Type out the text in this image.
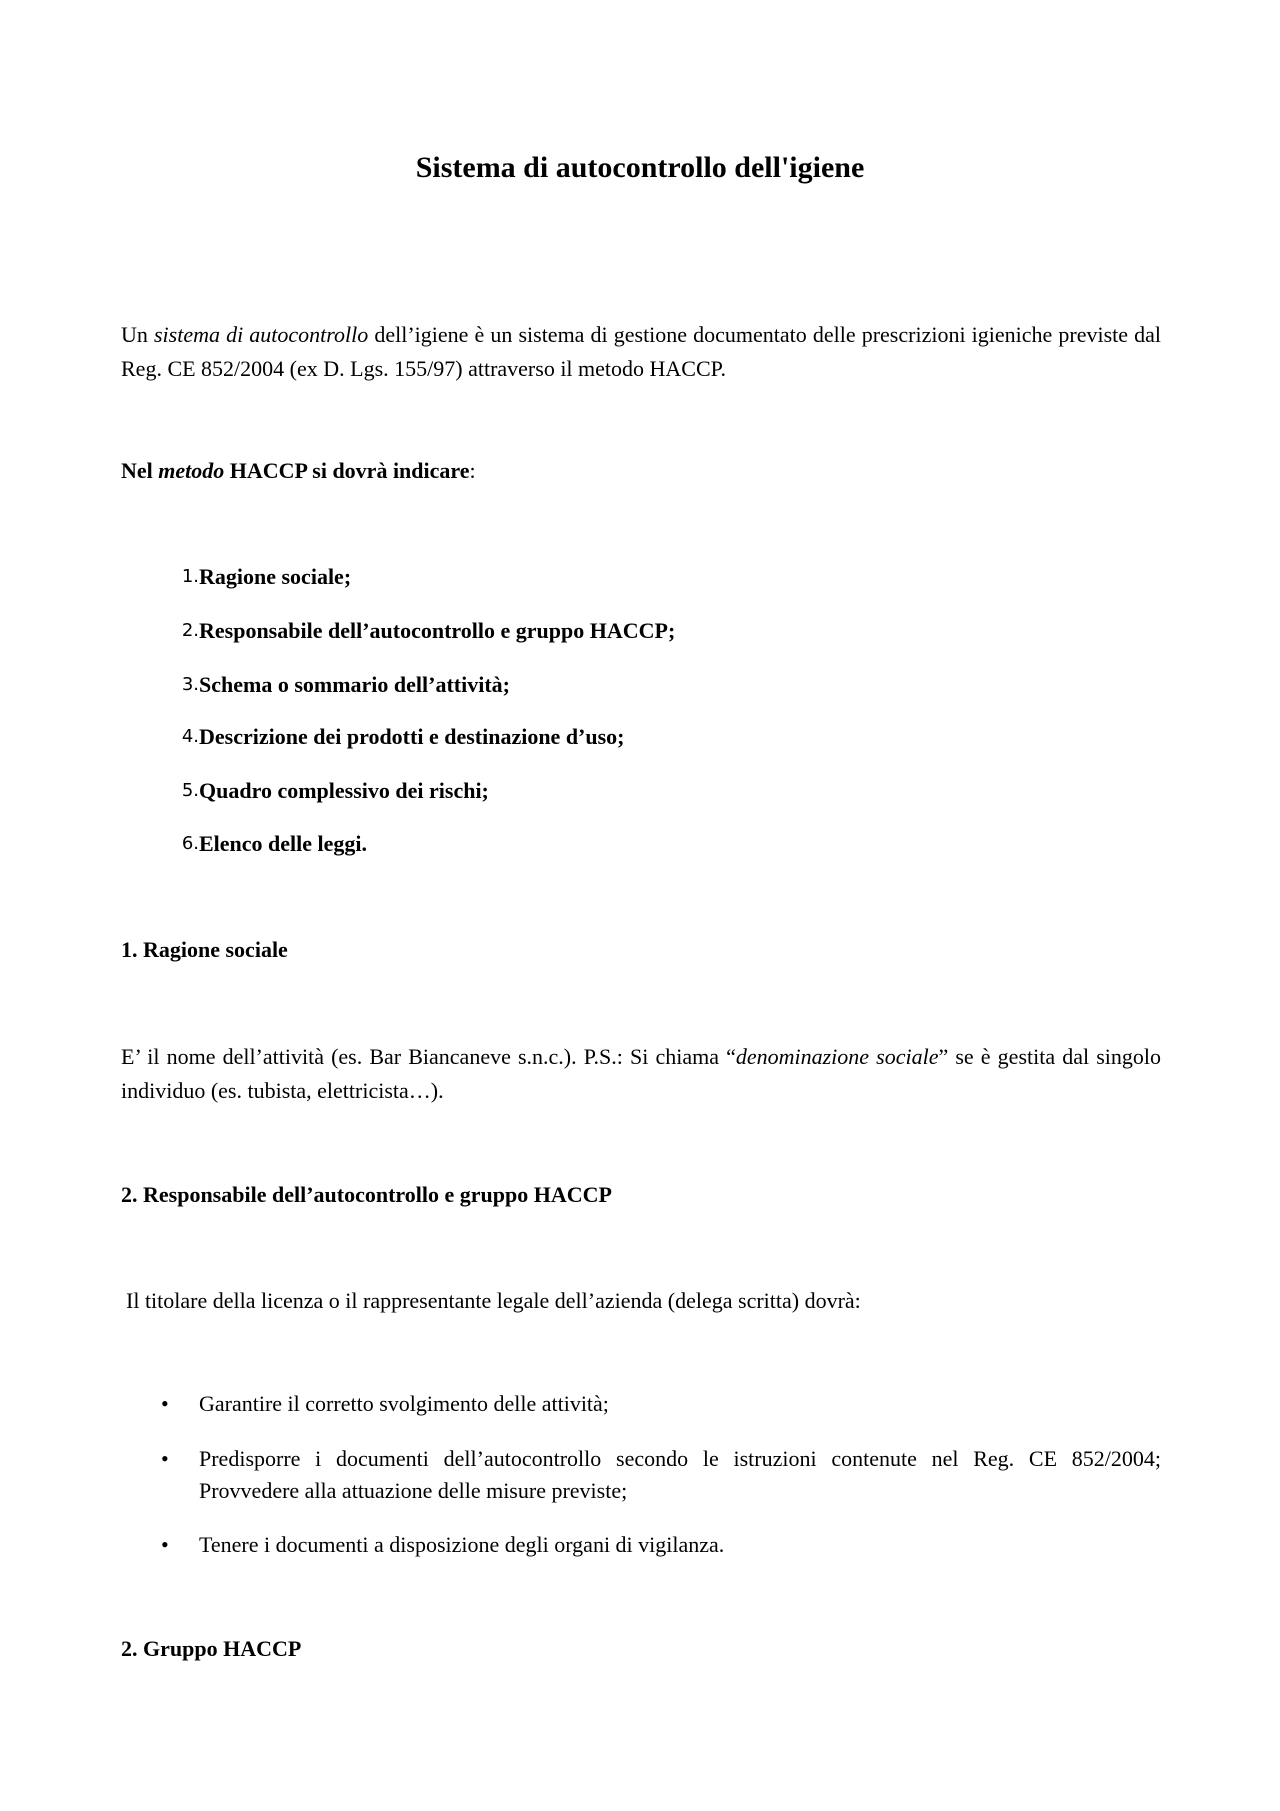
Sistema di autocontrollo dell'igiene
Un sistema di autocontrollo dell’igiene è un sistema di gestione documentato delle prescrizioni igieniche previste dal Reg. CE 852/2004 (ex D. Lgs. 155/97) attraverso il metodo HACCP.
Nel metodo HACCP si dovrà indicare:
1. Ragione sociale;
2. Responsabile dell’autocontrollo e gruppo HACCP;
3. Schema o sommario dell’attività;
4. Descrizione dei prodotti e destinazione d’uso;
5. Quadro complessivo dei rischi;
6. Elenco delle leggi.
1. Ragione sociale
E’ il nome dell’attività (es. Bar Biancaneve s.n.c.). P.S.: Si chiama “denominazione sociale” se è gestita dal singolo individuo (es. tubista, elettricista…).
2. Responsabile dell’autocontrollo e gruppo HACCP
Il titolare della licenza o il rappresentante legale dell’azienda (delega scritta) dovrà:
• Garantire il corretto svolgimento delle attività;
• Predisporre i documenti dell’autocontrollo secondo le istruzioni contenute nel Reg. CE 852/2004; Provvedere alla attuazione delle misure previste;
• Tenere i documenti a disposizione degli organi di vigilanza.
2. Gruppo HACCP
